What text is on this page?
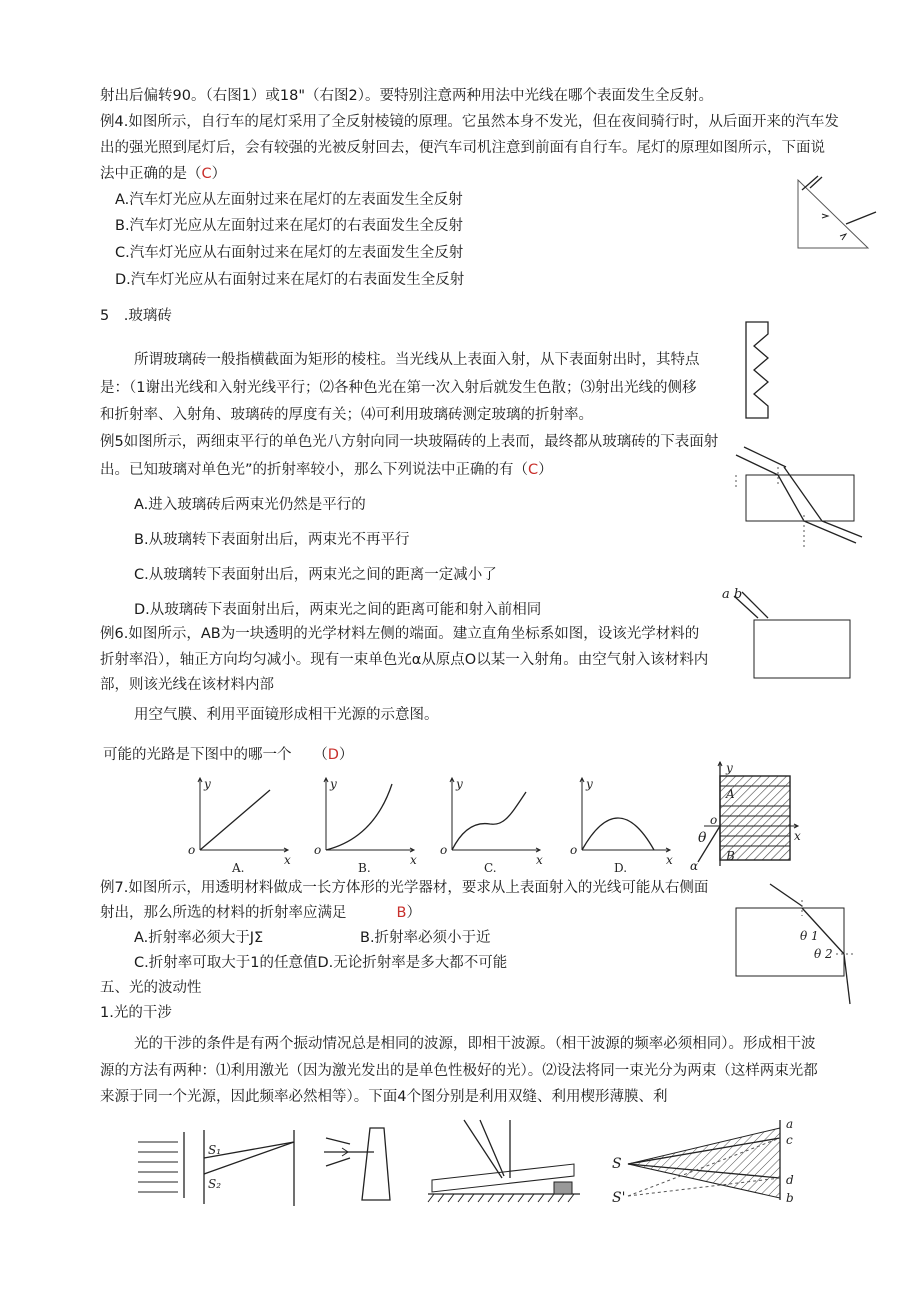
射出后偏转90。（右图1）或18"（右图2）。要特别注意两种用法中光线在哪个表面发生全反射。
例4.如图所示，自行车的尾灯采用了全反射棱镜的原理。它虽然本身不发光，但在夜间骑行时，从后面开来的汽车发
出的强光照到尾灯后，会有较强的光被反射回去，便汽车司机注意到前面有自行车。尾灯的原理如图所示，下面说
法中正确的是（C）
A.汽车灯光应从左面射过来在尾灯的左表面发生全反射
B.汽车灯光应从左面射过来在尾灯的右表面发生全反射
C.汽车灯光应从右面射过来在尾灯的左表面发生全反射
D.汽车灯光应从右面射过来在尾灯的右表面发生全反射
5　.玻璃砖
所谓玻璃砖一般指横截面为矩形的棱柱。当光线从上表面入射，从下表面射出时，其特点
是：（1谢出光线和入射光线平行；⑵各种色光在第一次入射后就发生色散；⑶射出光线的侧移
和折射率、入射角、玻璃砖的厚度有关；⑷可利用玻璃砖测定玻璃的折射率。
例5如图所示，两细束平行的单色光八方射向同一块玻隔砖的上表而，最终都从玻璃砖的下表面射
出。已知玻璃对单色光”的折射率较小，那么下列说法中正确的有（C）
A.进入玻璃砖后两束光仍然是平行的
B.从玻璃转下表面射出后，两束光不再平行
C.从玻璃转下表面射出后，两束光之间的距离一定减小了
D.从玻璃砖下表面射出后，两束光之间的距离可能和射入前相同
例6.如图所示，AB为一块透明的光学材料左侧的端面。建立直角坐标系如图，设该光学材料的
折射率沿），轴正方向均匀减小。现有一束单色光α从原点O以某一入射角。由空气射入该材料内
部，则该光线在该材料内部
用空气膜、利用平面镜形成相干光源的示意图。
可能的光路是下图中的哪一个　　（D）
例7.如图所示，用透明材料做成一长方体形的光学器材，要求从上表面射入的光线可能从右侧面
射出，那么所选的材料的折射率应满足	B）
A.折射率必须大于JΣ	B.折射率必须小于近
C.折射率可取大于1的任意值D.无论折射率是多大都不可能
五、光的波动性
1.光的干涉
光的干涉的条件是有两个振动情况总是相同的波源，即相干波源。（相干波源的频率必须相同）。形成相干波
源的方法有两种：⑴利用激光（因为激光发出的是单色性极好的光）。⑵设法将同一束光分为两束（这样两束光都
来源于同一个光源，因此频率必然相等）。下面4个图分别是利用双缝、利用楔形薄膜、利
a b
y
o
x
A.
y
o
x
B.
y
o
x
C.
y
o
x
D.
y
A
o
θ	x
B
α
θ 1
θ 2
S₁
S₂
S
S'
a
c
d
b
